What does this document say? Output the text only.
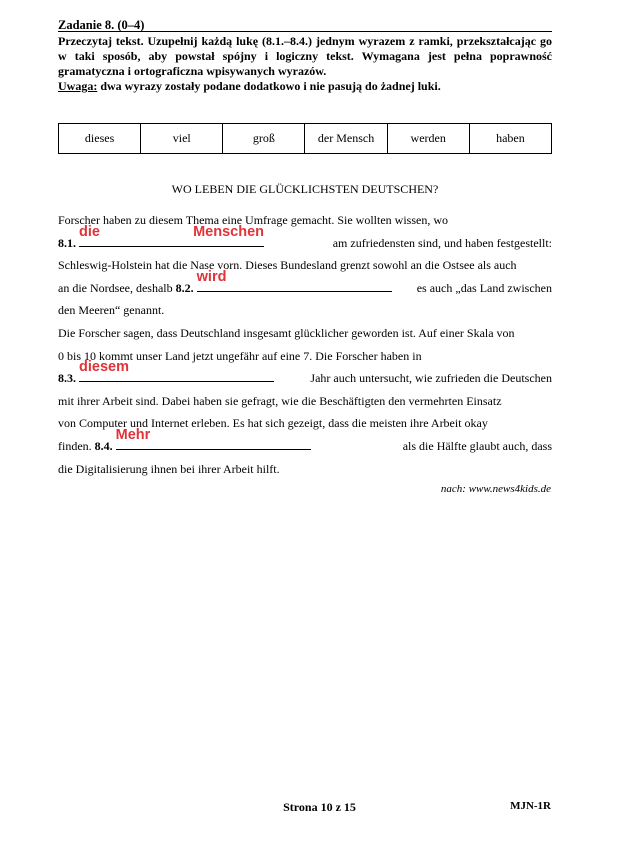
Zadanie 8. (0–4)

Przeczytaj tekst. Uzupełnij każdą lukę (8.1.–8.4.) jednym wyrazem z ramki, przekształcając go w taki sposób, aby powstał spójny i logiczny tekst. Wymagana jest pełna poprawność gramatyczna i ortograficzna wpisywanych wyrazów.
Uwaga: dwa wyrazy zostały podane dodatkowo i nie pasują do żadnej luki.

dieses	viel	groß	der Mensch	werden	haben
WO LEBEN DIE GLÜCKLICHSTEN DEUTSCHEN?
Forscher haben zu diesem Thema eine Umfrage gemacht. Sie wollten wissen, wo
8.1.
die Menschen
am zufriedensten sind, und haben festgestellt:
Schleswig-Holstein hat die Nase vorn. Dieses Bundesland grenzt sowohl an die Ostsee als auch
an die Nordsee, deshalb 8.2.
wird
es auch „das Land zwischen
den Meeren“ genannt.
Die Forscher sagen, dass Deutschland insgesamt glücklicher geworden ist. Auf einer Skala von
0 bis 10 kommt unser Land jetzt ungefähr auf eine 7. Die Forscher haben in
8.3.
diesem
Jahr auch untersucht, wie zufrieden die Deutschen
mit ihrer Arbeit sind. Dabei haben sie gefragt, wie die Beschäftigten den vermehrten Einsatz
von Computer und Internet erleben. Es hat sich gezeigt, dass die meisten ihre Arbeit okay
finden. 8.4.
Mehr
als die Hälfte glaubt auch, dass
die Digitalisierung ihnen bei ihrer Arbeit hilft.
nach: www.news4kids.de
Strona 10 z 15	MJN-1R
